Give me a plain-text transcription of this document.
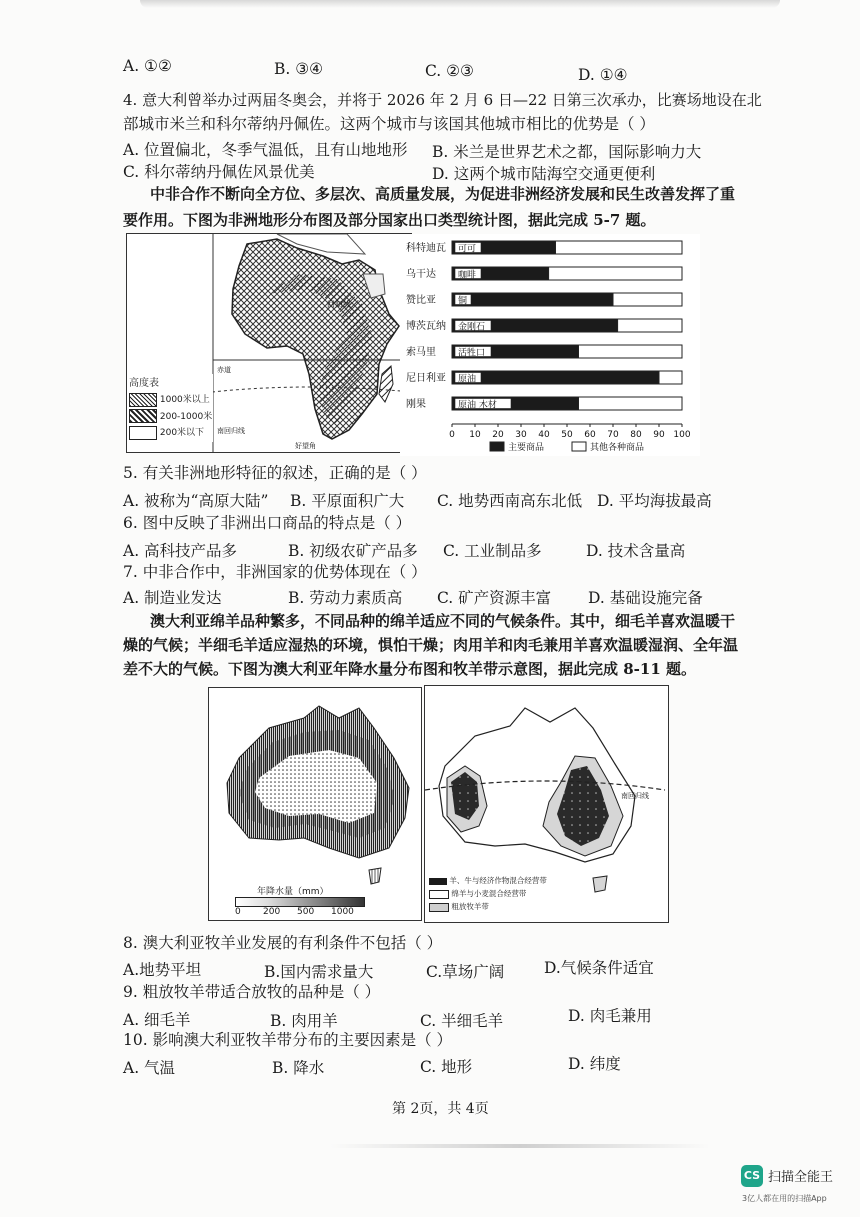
A. ①②	B. ③④	C. ②③	D. ①④
4. 意大利曾举办过两届冬奥会，并将于 2026 年 2 月 6 日—22 日第三次承办，比赛场地设在北
部城市米兰和科尔蒂纳丹佩佐。这两个城市与该国其他城市相比的优势是（ ）
A. 位置偏北，冬季气温低，且有山地地形 B. 米兰是世界艺术之都，国际影响力大
C. 科尔蒂纳丹佩佐风景优美	D. 这两个城市陆海空交通更便利
中非合作不断向全方位、多层次、高质量发展，为促进非洲经济发展和民生改善发挥了重
要作用。下图为非洲地形分布图及部分国家出口类型统计图，据此完成 5-7 题。
回归线
赤道
南回归线
好望角
高度表
1000米以上
200-1000米
200米以下
科特迪瓦 可可
乌干达 咖啡
赞比亚 铜
博茨瓦纳 金刚石
索马里 活牲口
尼日利亚 原油
刚果	原油 木材
0 10 20 30 40 50 60 70 80 90 100
主要商品	其他各种商品
5. 有关非洲地形特征的叙述，正确的是（ ）
A. 被称为“高原大陆” B. 平原面积广大 C. 地势西南高东北低 D. 平均海拔最高
6. 图中反映了非洲出口商品的特点是（ ）
A. 高科技产品多	B. 初级农矿产品多 C. 工业制品多	D. 技术含量高
7. 中非合作中，非洲国家的优势体现在（ ）
A. 制造业发达	B. 劳动力素质高 C. 矿产资源丰富 D. 基础设施完备
澳大利亚绵羊品种繁多，不同品种的绵羊适应不同的气候条件。其中，细毛羊喜欢温暖干
燥的气候；半细毛羊适应湿热的环境，惧怕干燥；肉用羊和肉毛兼用羊喜欢温暖湿润、全年温
差不大的气候。下图为澳大利亚年降水量分布图和牧羊带示意图，据此完成 8-11 题。
年降水量（mm）
0 200 500 1000
南回归线
羊、牛与经济作物混合经营带
绵羊与小麦混合经营带
粗放牧羊带
8. 澳大利亚牧羊业发展的有利条件不包括（ ）
A.地势平坦	B.国内需求量大	C.草场广阔	D.气候条件适宜
9. 粗放牧羊带适合放牧的品种是（ ）
A. 细毛羊	B. 肉用羊	C. 半细毛羊	D. 肉毛兼用
10. 影响澳大利亚牧羊带分布的主要因素是（ ）
A. 气温	B. 降水	C. 地形	D. 纬度
第 2页，共 4页
CS 扫描全能王
3亿人都在用的扫描App
